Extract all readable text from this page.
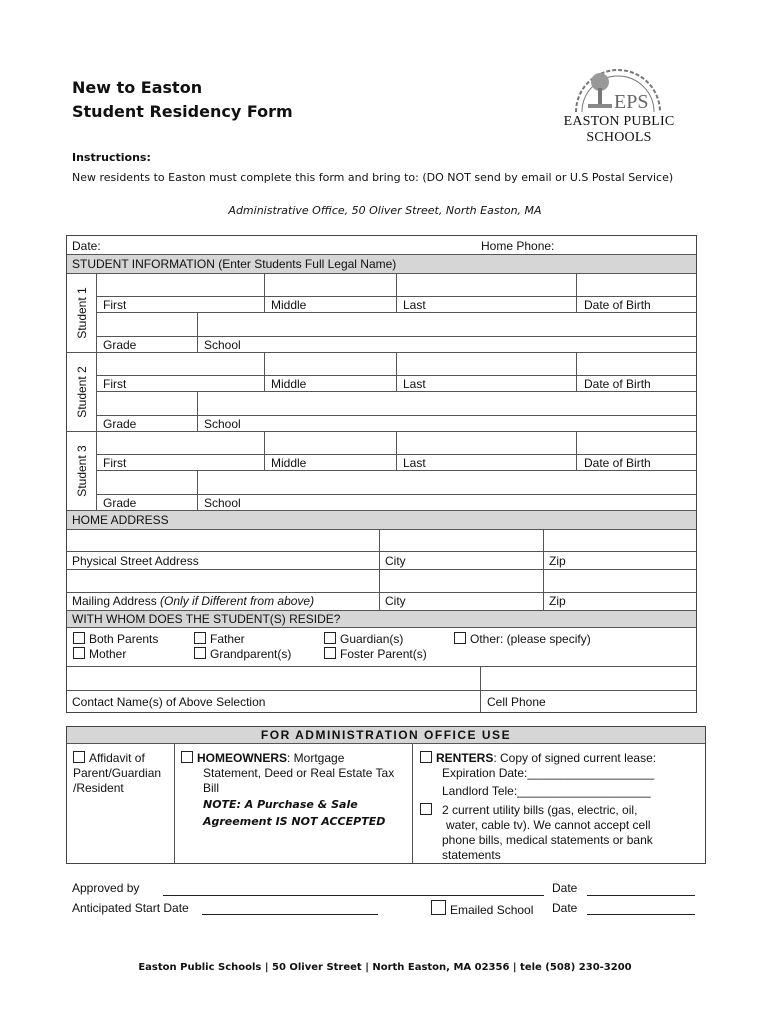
New to Easton
Student Residency Form	EPS
EASTON PUBLIC SCHOOLS
Instructions:
New residents to Easton must complete this form and bring to: (DO NOT send by email or U.S Postal Service)
Administrative Office, 50 Oliver Street, North Easton, MA
Date:	Home Phone:
STUDENT INFORMATION (Enter Students Full Legal Name)
Student 1 First	Middle	Last	Date of Birth
Grade	School
Student 2 First	Middle	Last	Date of Birth
Grade	School
Student 3 First	Middle	Last	Date of Birth
Grade	School
HOME ADDRESS
Physical Street Address	City	Zip
Mailing Address (Only if Different from above)	City	Zip
WITH WHOM DOES THE STUDENT(S) RESIDE?
Both Parents
Mother
Father
Grandparent(s)
Guardian(s)
Foster Parent(s)
Other: (please specify)
Contact Name(s) of Above Selection	Cell Phone
FOR ADMINISTRATION OFFICE USE
Affidavit of
Parent/Guardian
/Resident
HOMEOWNERS: Mortgage
Statement, Deed or Real Estate Tax
Bill
NOTE: A Purchase & Sale
Agreement IS NOT ACCEPTED
RENTERS: Copy of signed current lease:
Expiration Date:___________________
Landlord Tele:____________________
2 current utility bills (gas, electric, oil,
water, cable tv). We cannot accept cell
phone bills, medical statements or bank
statements
Approved by	Date
Anticipated Start Date	Emailed School Date
Easton Public Schools | 50 Oliver Street | North Easton, MA 02356 | tele (508) 230-3200
